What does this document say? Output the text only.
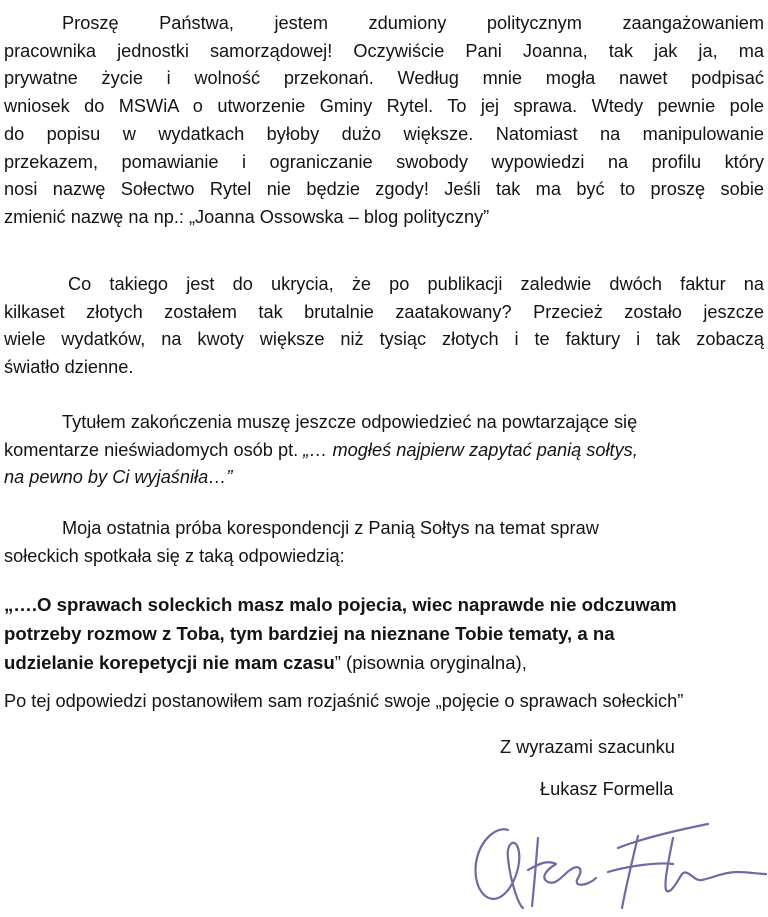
Proszę Państwa, jestem zdumiony politycznym zaangażowaniem
pracownika jednostki samorządowej! Oczywiście Pani Joanna, tak jak ja, ma
prywatne życie i wolność przekonań. Według mnie mogła nawet podpisać
wniosek do MSWiA o utworzenie Gminy Rytel. To jej sprawa. Wtedy pewnie pole
do popisu w wydatkach byłoby dużo większe. Natomiast na manipulowanie
przekazem, pomawianie i ograniczanie swobody wypowiedzi na profilu który
nosi nazwę Sołectwo Rytel nie będzie zgody! Jeśli tak ma być to proszę sobie
zmienić nazwę na np.: „Joanna Ossowska – blog polityczny”

Co takiego jest do ukrycia, że po publikacji zaledwie dwóch faktur na
kilkaset złotych zostałem tak brutalnie zaatakowany? Przecież zostało jeszcze
wiele wydatków, na kwoty większe niż tysiąc złotych i te faktury i tak zobaczą
światło dzienne.

Tytułem zakończenia muszę jeszcze odpowiedzieć na powtarzające się
komentarze nieświadomych osób pt. „… mogłeś najpierw zapytać panią sołtys,
na pewno by Ci wyjaśniła…”

Moja ostatnia próba korespondencji z Panią Sołtys na temat spraw
sołeckich spotkała się z taką odpowiedzią:

„….O sprawach soleckich masz malo pojecia, wiec naprawde nie odczuwam
potrzeby rozmow z Toba, tym bardziej na nieznane Tobie tematy, a na
udzielanie korepetycji nie mam czasu” (pisownia oryginalna),

Po tej odpowiedzi postanowiłem sam rozjaśnić swoje „pojęcie o sprawach sołeckich”

Z wyrazami szacunku
Łukasz Formella
